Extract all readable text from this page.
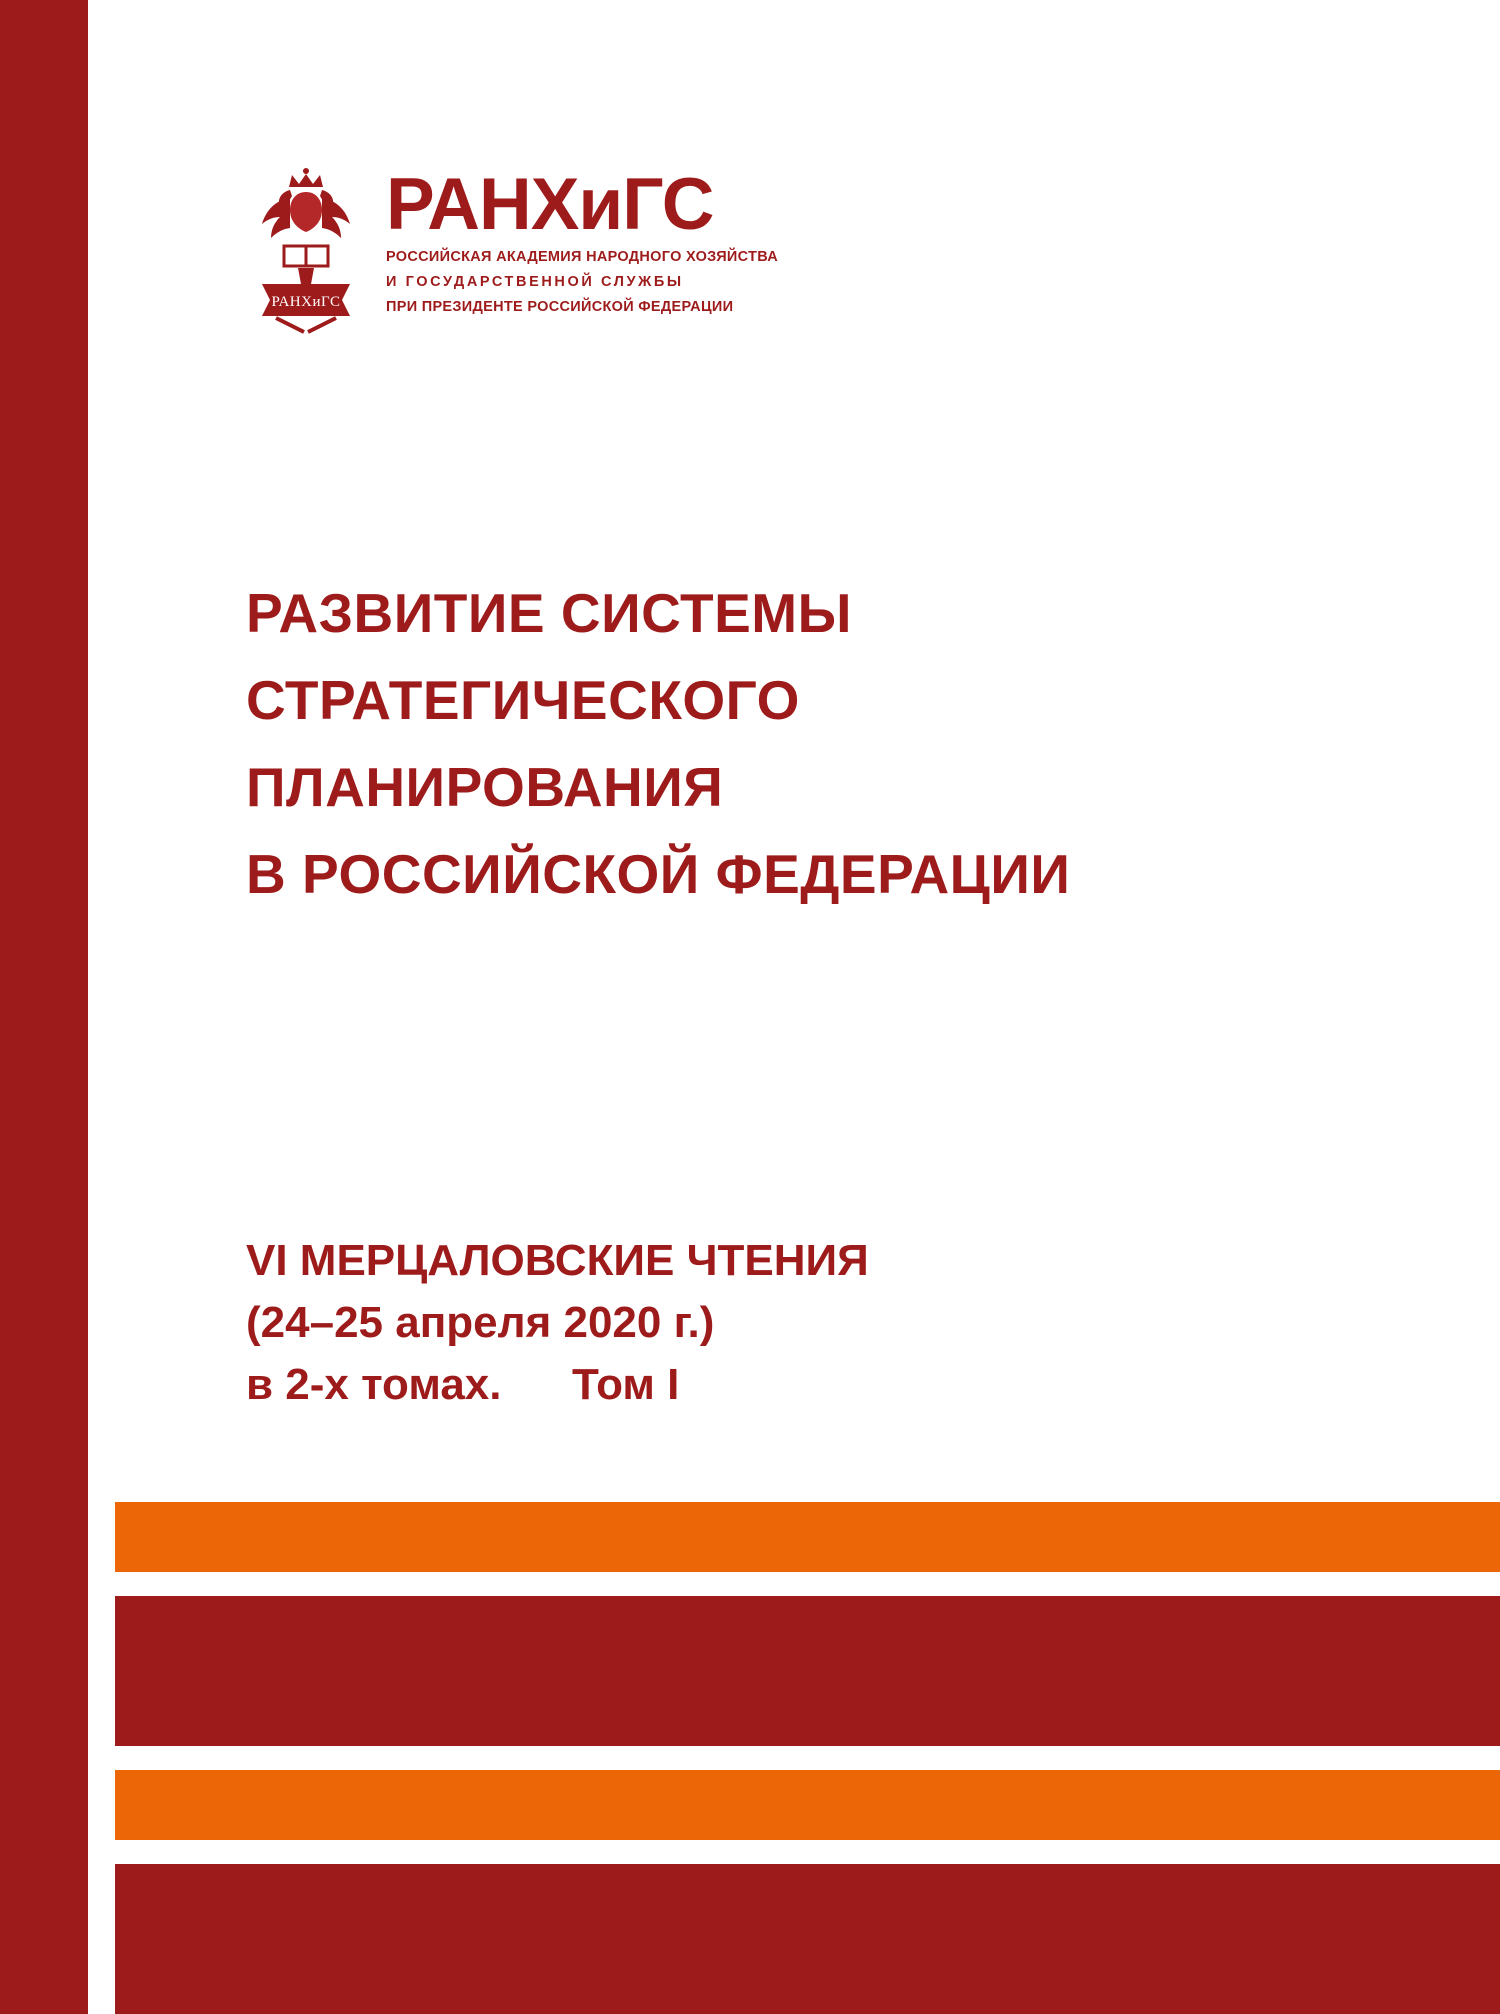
РАНХиГС
РАНХиГС
РОССИЙСКАЯ АКАДЕМИЯ НАРОДНОГО ХОЗЯЙСТВА
И ГОСУДАРСТВЕННОЙ СЛУЖБЫ
ПРИ ПРЕЗИДЕНТЕ РОССИЙСКОЙ ФЕДЕРАЦИИ
РАЗВИТИЕ СИСТЕМЫ
СТРАТЕГИЧЕСКОГО
ПЛАНИРОВАНИЯ
В РОССИЙСКОЙ ФЕДЕРАЦИИ
VI МЕРЦАЛОВСКИЕ ЧТЕНИЯ
(24–25 апреля 2020 г.)
в 2-х томах. Том I
